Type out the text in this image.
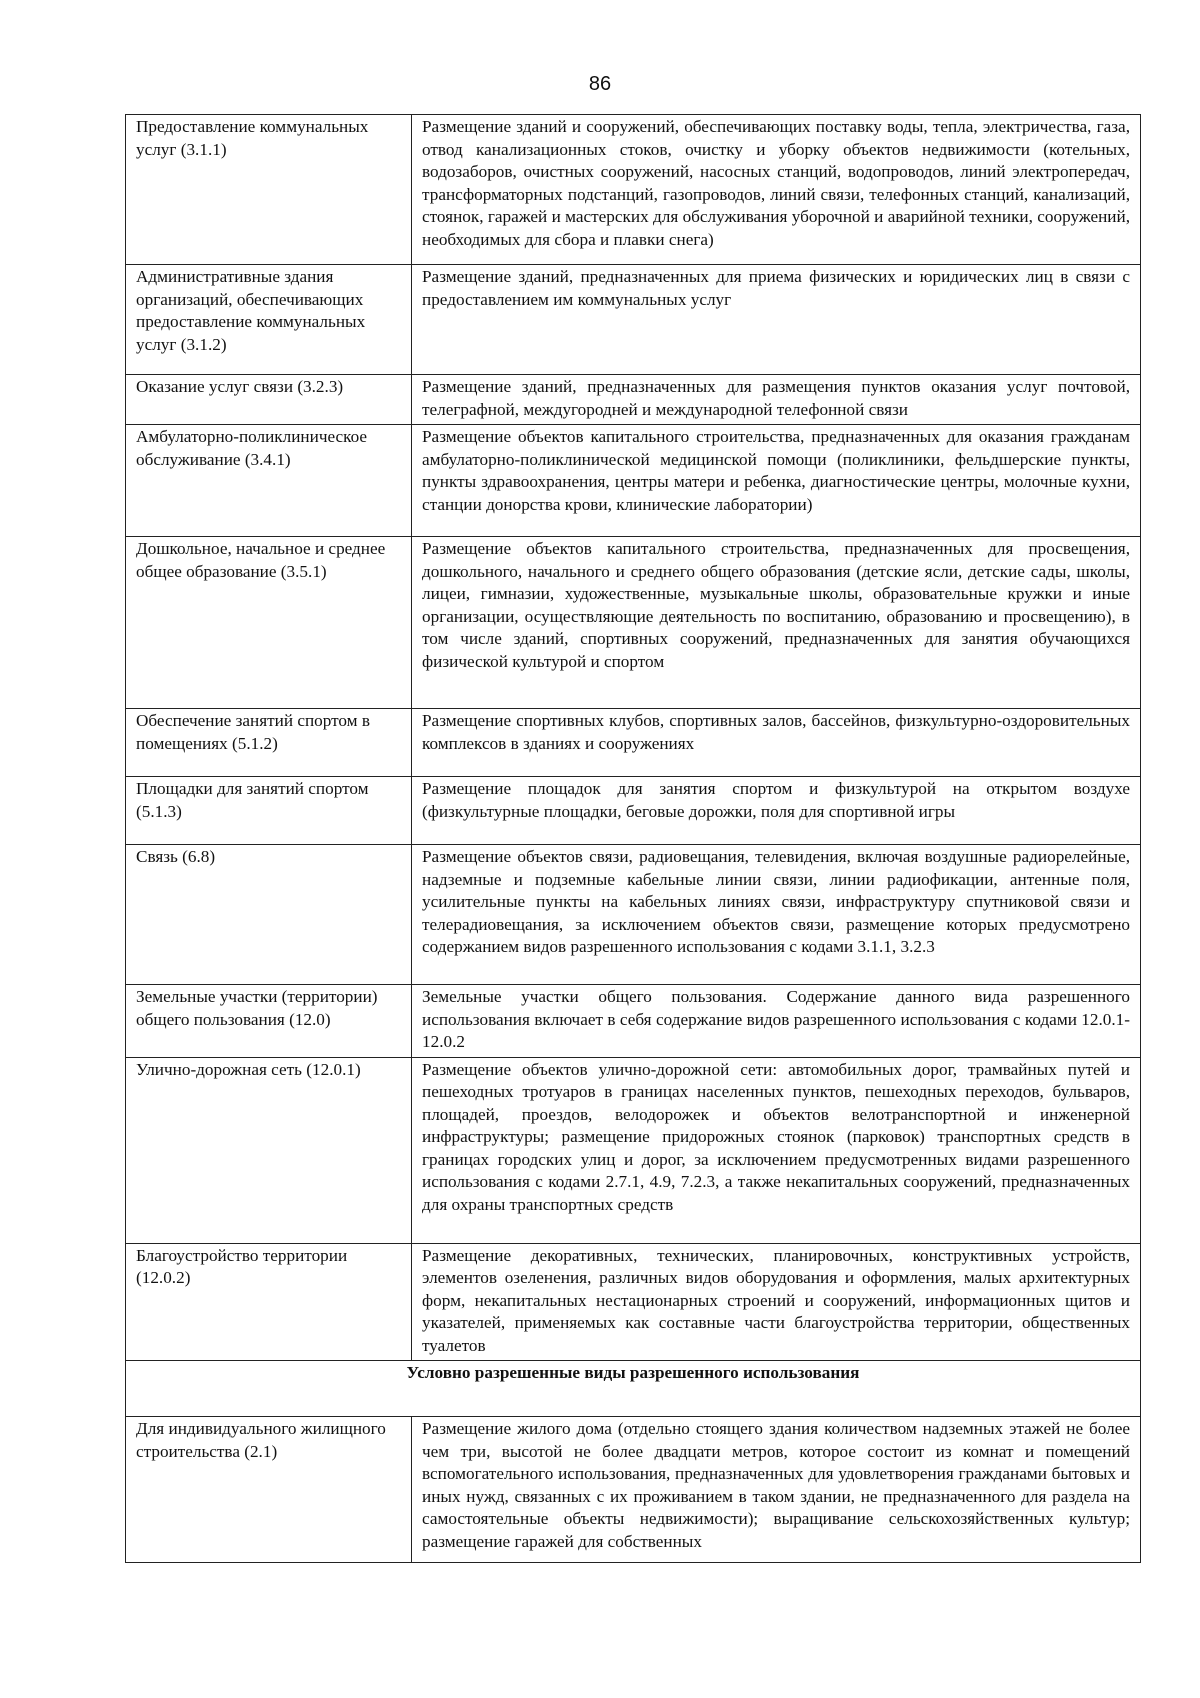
86
Предоставление коммунальных услуг (3.1.1)	Размещение зданий и сооружений, обеспечивающих поставку воды, тепла, электричества, газа, отвод канализационных стоков, очистку и уборку объектов недвижимости (котельных, водозаборов, очистных сооружений, насосных станций, водопроводов, линий электропередач, трансформаторных подстанций, газопроводов, линий связи, телефонных станций, канализаций, стоянок, гаражей и мастерских для обслуживания уборочной и аварийной техники, сооружений, необходимых для сбора и плавки снега)
Административные здания организаций, обеспечивающих предоставление коммунальных услуг (3.1.2)	Размещение зданий, предназначенных для приема физических и юридических лиц в связи с предоставлением им коммунальных услуг
Оказание услуг связи (3.2.3)	Размещение зданий, предназначенных для размещения пунктов оказания услуг почтовой, телеграфной, междугородней и международной телефонной связи
Амбулаторно-поликлиническое обслуживание (3.4.1)	Размещение объектов капитального строительства, предназначенных для оказания гражданам амбулаторно-поликлинической медицинской помощи (поликлиники, фельдшерские пункты, пункты здравоохранения, центры матери и ребенка, диагностические центры, молочные кухни, станции донорства крови, клинические лаборатории)
Дошкольное, начальное и среднее общее образование (3.5.1)	Размещение объектов капитального строительства, предназначенных для просвещения, дошкольного, начального и среднего общего образования (детские ясли, детские сады, школы, лицеи, гимназии, художественные, музыкальные школы, образовательные кружки и иные организации, осуществляющие деятельность по воспитанию, образованию и просвещению), в том числе зданий, спортивных сооружений, предназначенных для занятия обучающихся физической культурой и спортом
Обеспечение занятий спортом в помещениях (5.1.2)	Размещение спортивных клубов, спортивных залов, бассейнов, физкультурно-оздоровительных комплексов в зданиях и сооружениях
Площадки для занятий спортом (5.1.3)	Размещение площадок для занятия спортом и физкультурой на открытом воздухе (физкультурные площадки, беговые дорожки, поля для спортивной игры
Связь (6.8)	Размещение объектов связи, радиовещания, телевидения, включая воздушные радиорелейные, надземные и подземные кабельные линии связи, линии радиофикации, антенные поля, усилительные пункты на кабельных линиях связи, инфраструктуру спутниковой связи и телерадиовещания, за исключением объектов связи, размещение которых предусмотрено содержанием видов разрешенного использования с кодами 3.1.1, 3.2.3
Земельные участки (территории) общего пользования (12.0)	Земельные участки общего пользования. Содержание данного вида разрешенного использования включает в себя содержание видов разрешенного использования с кодами 12.0.1-12.0.2
Улично-дорожная сеть (12.0.1)	Размещение объектов улично-дорожной сети: автомобильных дорог, трамвайных путей и пешеходных тротуаров в границах населенных пунктов, пешеходных переходов, бульваров, площадей, проездов, велодорожек и объектов велотранспортной и инженерной инфраструктуры; размещение придорожных стоянок (парковок) транспортных средств в границах городских улиц и дорог, за исключением предусмотренных видами разрешенного использования с кодами 2.7.1, 4.9, 7.2.3, а также некапитальных сооружений, предназначенных для охраны транспортных средств
Благоустройство территории (12.0.2)	Размещение декоративных, технических, планировочных, конструктивных устройств, элементов озеленения, различных видов оборудования и оформления, малых архитектурных форм, некапитальных нестационарных строений и сооружений, информационных щитов и указателей, применяемых как составные части благоустройства территории, общественных туалетов
Условно разрешенные виды разрешенного использования	
Для индивидуального жилищного строительства (2.1)	Размещение жилого дома (отдельно стоящего здания количеством надземных этажей не более чем три, высотой не более двадцати метров, которое состоит из комнат и помещений вспомогательного использования, предназначенных для удовлетворения гражданами бытовых и иных нужд, связанных с их проживанием в таком здании, не предназначенного для раздела на самостоятельные объекты недвижимости); выращивание сельскохозяйственных культур; размещение гаражей для собственных
